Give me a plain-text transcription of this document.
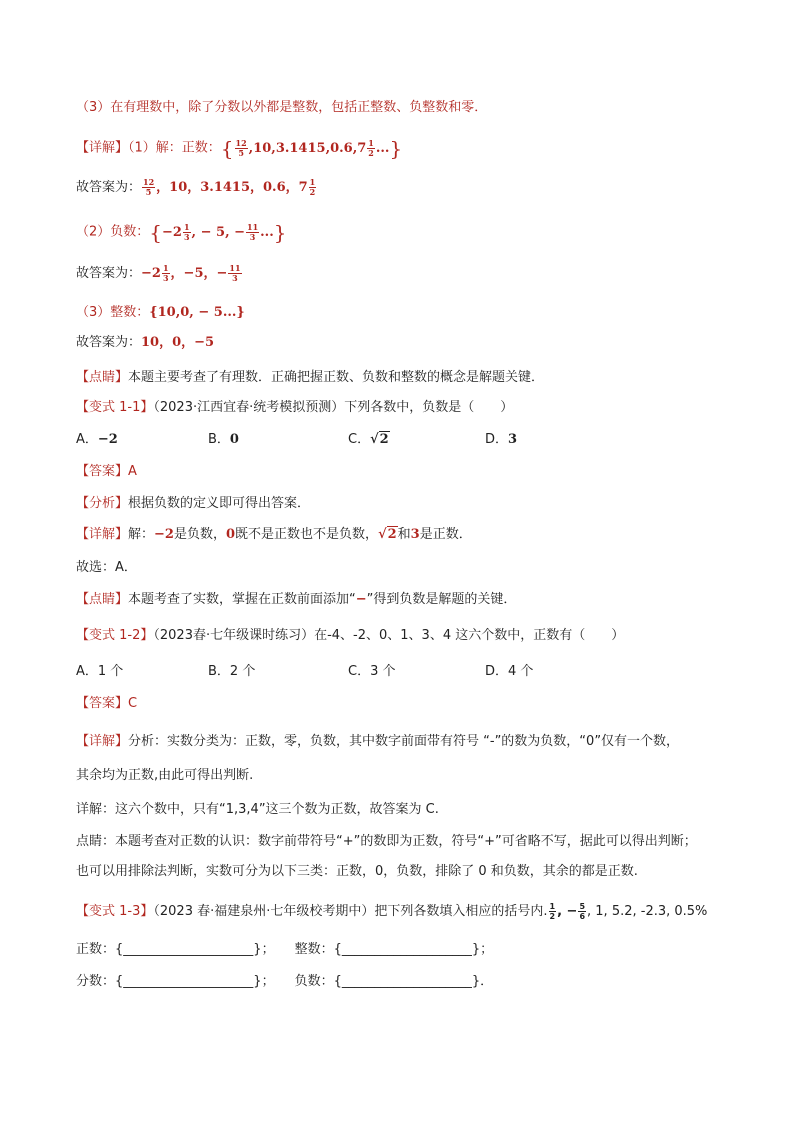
（3）在有理数中，除了分数以外都是整数，包括正整数、负整数和零．
【详解】（1）解：正数：{ $\frac{12}{5} ,10,3.1415,0.6,7 \frac{1}{2}$ ...}
故答案为： $\frac{12}{5}$ ，10，3.1415，0.6，$7 \frac{1}{2}$
（2）负数：{$-2 \frac{1}{3}$ , − 5, − $\frac{11}{3}$ ...}
故答案为：$-2 \frac{1}{3}$ ，−5，− $\frac{11}{3}$
（3）整数：{10,0, − 5...}
故答案为：10，0，−5
【点睛】本题主要考查了有理数．正确把握正数、负数和整数的概念是解题关键．
【变式 1-1】（2023·江西宜春·统考模拟预测）下列各数中，负数是（　　）
A．−2	B．0	C．√2	D．3
【答案】A
【分析】根据负数的定义即可得出答案．
【详解】解：−2是负数，0既不是正数也不是负数，√2和3是正数．
故选：A．
【点睛】本题考查了实数，掌握在正数前面添加“−”得到负数是解题的关键．
【变式 1-2】（2023春·七年级课时练习）在-4、-2、0、1、3、4 这六个数中，正数有（　　）
A．1 个	B．2 个	C．3 个	D．4 个
【答案】C
【详解】分析：实数分类为：正数，零，负数，其中数字前面带有符号 “-”的数为负数，“0”仅有一个数，
其余均为正数,由此可得出判断.
详解：这六个数中，只有“1,3,4”这三个数为正数，故答案为 C.
点睛：本题考查对正数的认识：数字前带符号“+”的数即为正数，符号“+”可省略不写，据此可以得出判断；
也可以用排除法判断，实数可分为以下三类：正数，0，负数，排除了 0 和负数，其余的都是正数.
【变式 1-3】（2023 春·福建泉州·七年级校考期中）把下列各数填入相应的括号内. $\frac{1}{2}$ , − $\frac{5}{6}$ , 1, 5.2, -2.3, 0.5%
正数：{____________________}； 整数：{____________________}；
分数：{____________________}； 负数：{____________________}．
